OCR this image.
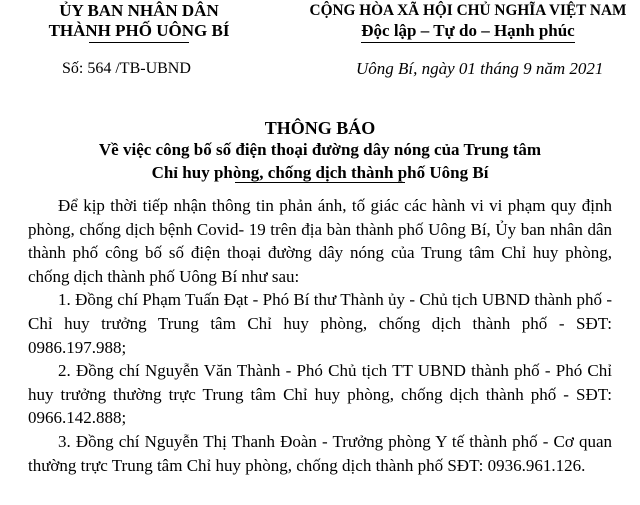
ỦY BAN NHÂN DÂN
THÀNH PHỐ UÔNG BÍ
CỘNG HÒA XÃ HỘI CHỦ NGHĨA VIỆT NAM
Độc lập – Tự do – Hạnh phúc
Số: 564 /TB-UBND	Uông Bí, ngày 01 tháng 9 năm 2021
THÔNG BÁO
Về việc công bố số điện thoại đường dây nóng của Trung tâm
Chỉ huy phòng, chống dịch thành phố Uông Bí

Để kịp thời tiếp nhận thông tin phản ánh, tố giác các hành vi vi phạm quy định phòng, chống dịch bệnh Covid- 19 trên địa bàn thành phố Uông Bí, Ủy ban nhân dân thành phố công bố số điện thoại đường dây nóng của Trung tâm Chỉ huy phòng, chống dịch thành phố Uông Bí như sau:

1. Đồng chí Phạm Tuấn Đạt - Phó Bí thư Thành ủy - Chủ tịch UBND thành phố - Chỉ huy trưởng Trung tâm Chỉ huy phòng, chống dịch thành phố - SĐT: 0986.197.988;

2. Đồng chí Nguyễn Văn Thành - Phó Chủ tịch TT UBND thành phố - Phó Chỉ huy trưởng thường trực Trung tâm Chỉ huy phòng, chống dịch thành phố - SĐT: 0966.142.888;

3. Đồng chí Nguyễn Thị Thanh Đoàn - Trưởng phòng Y tế thành phố - Cơ quan thường trực Trung tâm Chỉ huy phòng, chống dịch thành phố SĐT: 0936.961.126.
